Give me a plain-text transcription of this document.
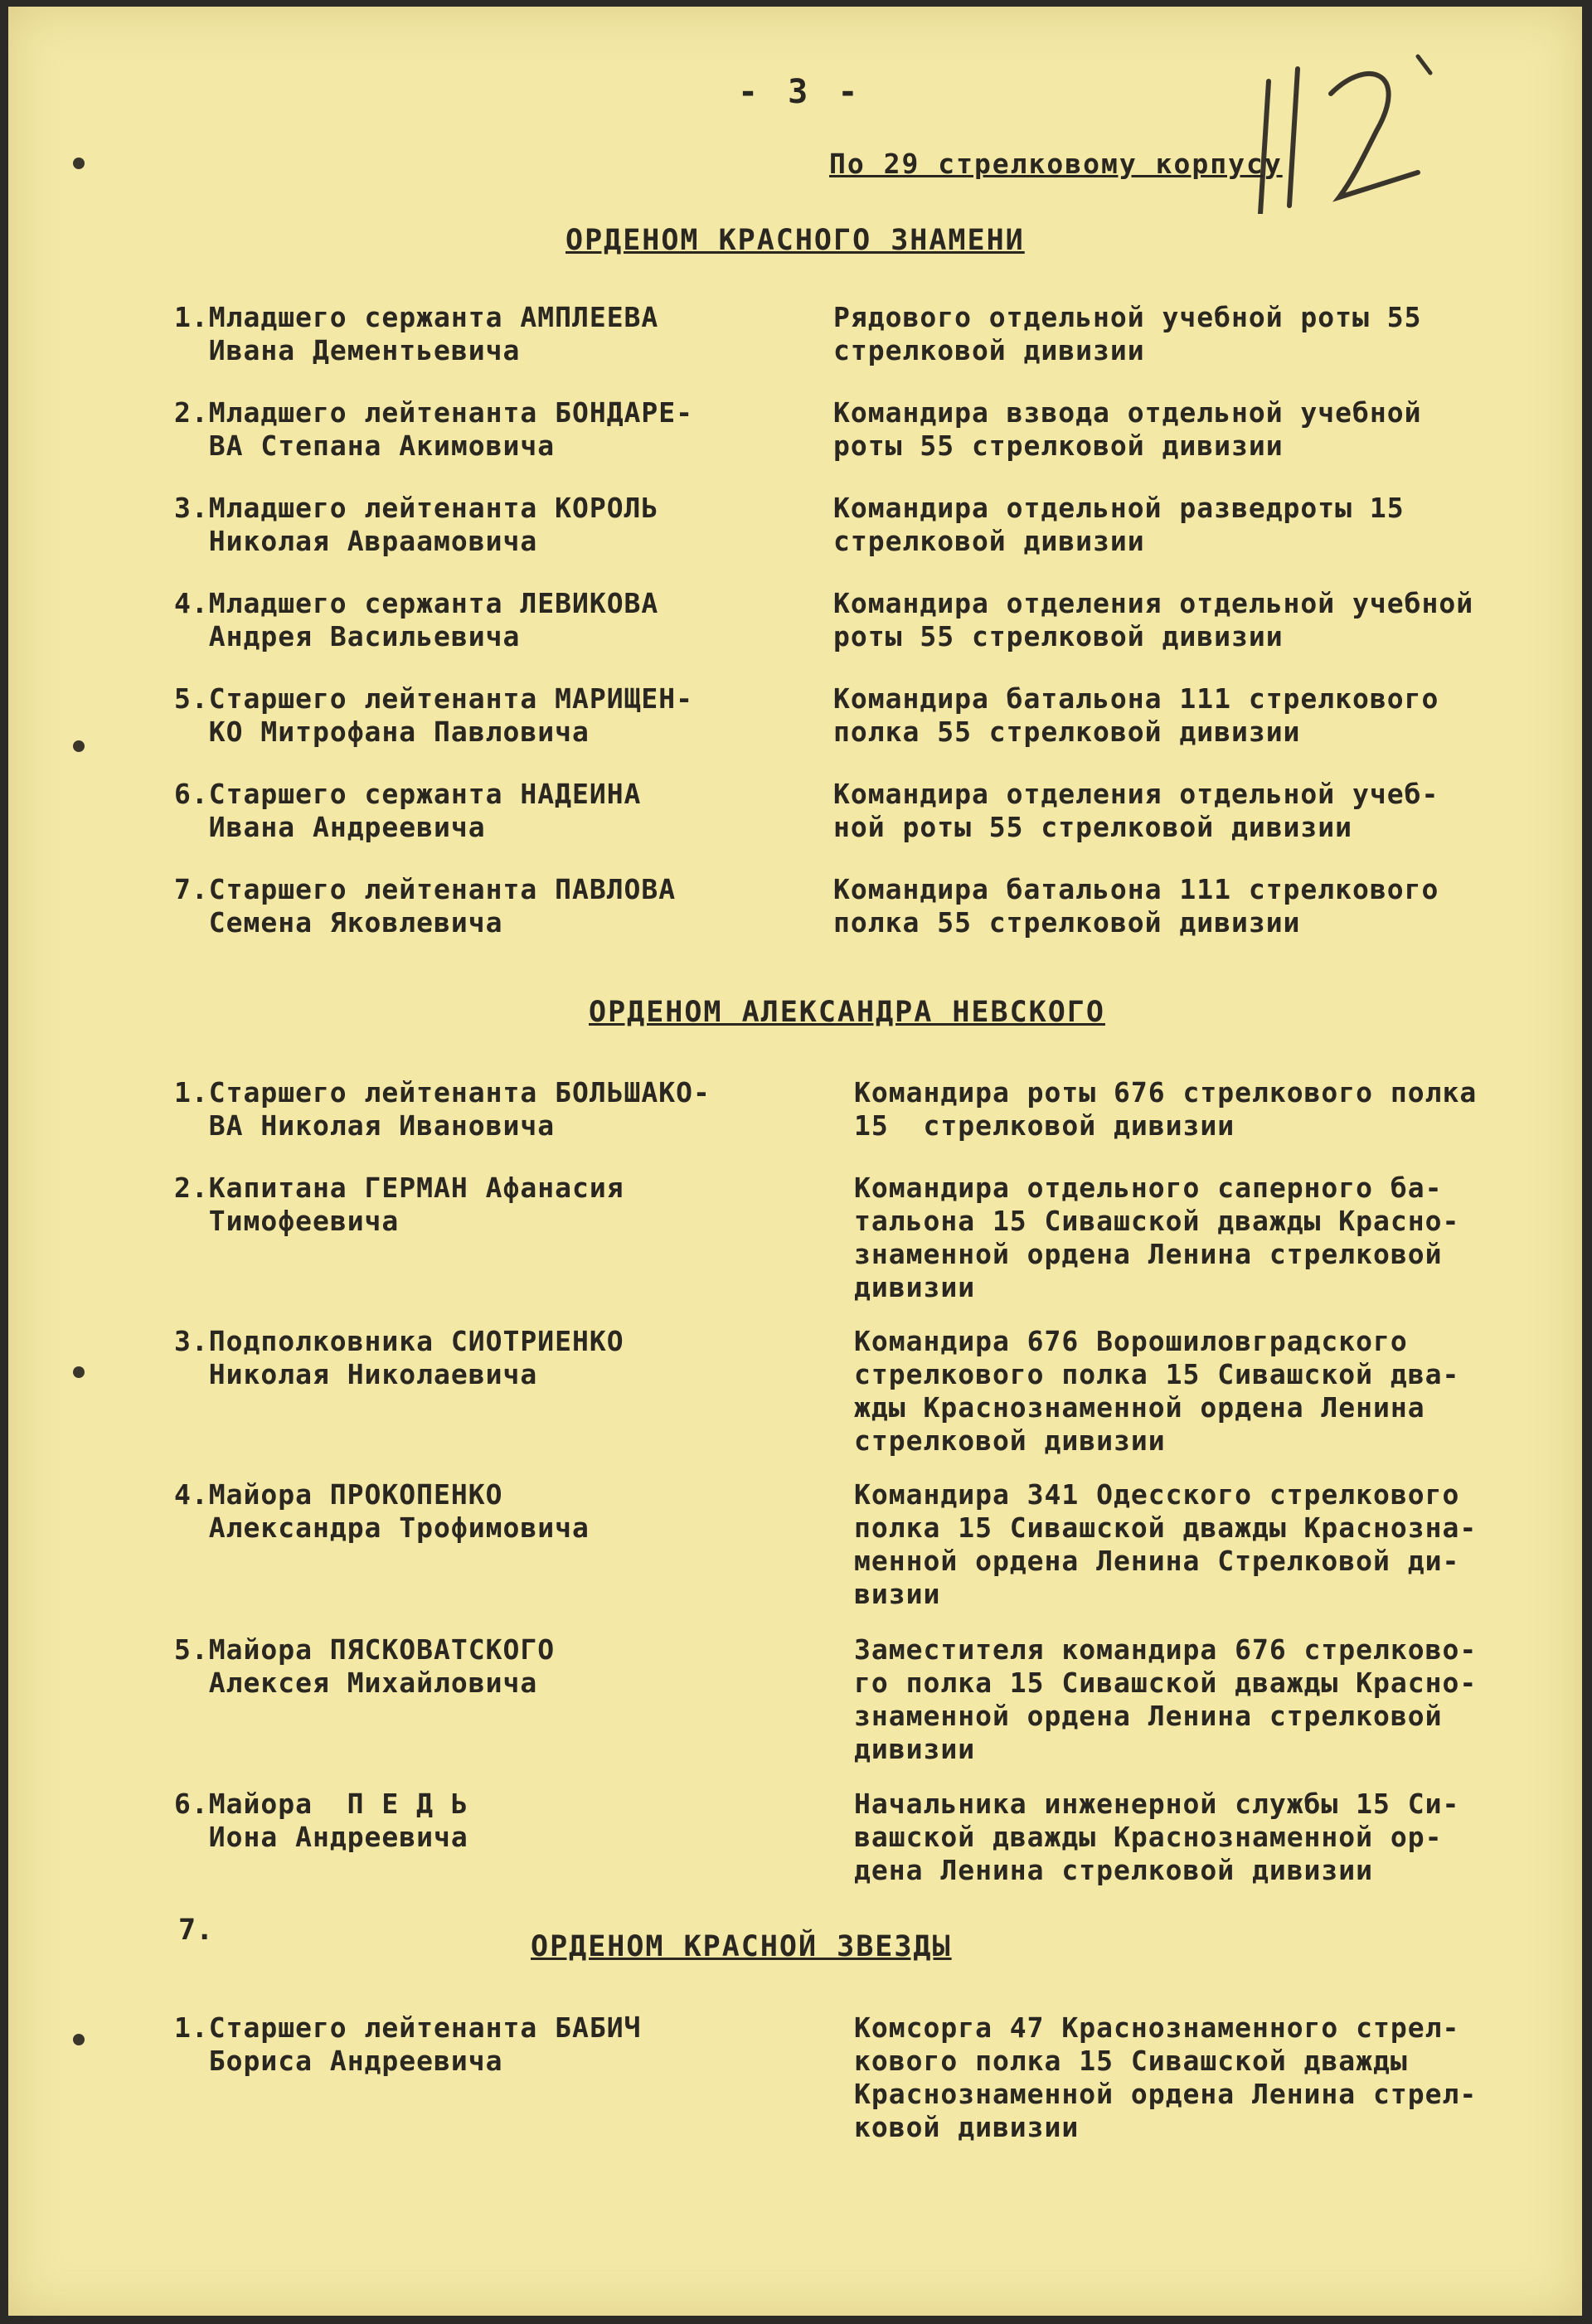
- 3 -
По 29 стрелковому корпусу
ОРДЕНОМ КРАСНОГО ЗНАМЕНИ
1.Младшего сержанта АМПЛЕЕВА
Ивана Дементьевича
Рядового отдельной учебной роты 55
стрелковой дивизии
2.Младшего лейтенанта БОНДАРЕ-
ВА Степана Акимовича
Командира взвода отдельной учебной
роты 55 стрелковой дивизии
3.Младшего лейтенанта КОРОЛЬ
Николая Авраамовича
Командира отдельной разведроты 15
стрелковой дивизии
4.Младшего сержанта ЛЕВИКОВА
Андрея Васильевича
Командира отделения отдельной учебной
роты 55 стрелковой дивизии
5.Старшего лейтенанта МАРИЩЕН-
КО Митрофана Павловича
Командира батальона 111 стрелкового
полка 55 стрелковой дивизии
6.Старшего сержанта НАДЕИНА
Ивана Андреевича
Командира отделения отдельной учеб-
ной роты 55 стрелковой дивизии
7.Старшего лейтенанта ПАВЛОВА
Семена Яковлевича
Командира батальона 111 стрелкового
полка 55 стрелковой дивизии
ОРДЕНОМ АЛЕКСАНДРА НЕВСКОГО
1.Старшего лейтенанта БОЛЬШАКО-
ВА Николая Ивановича
Командира роты 676 стрелкового полка
15  стрелковой дивизии
2.Капитана ГЕРМАН Афанасия
Тимофеевича
Командира отдельного саперного ба-
тальона 15 Сивашской дважды Красно-
знаменной ордена Ленина стрелковой
дивизии
3.Подполковника СИОТРИЕНКО
Николая Николаевича
Командира 676 Ворошиловградского
стрелкового полка 15 Сивашской два-
жды Краснознаменной ордена Ленина
стрелковой дивизии
4.Майора ПРОКОПЕНКО
Александра Трофимовича
Командира 341 Одесского стрелкового
полка 15 Сивашской дважды Краснозна-
менной ордена Ленина Стрелковой ди-
визии
5.Майора ПЯСКОВАТСКОГО
Алексея Михайловича
Заместителя командира 676 стрелково-
го полка 15 Сивашской дважды Красно-
знаменной ордена Ленина стрелковой
дивизии
6.Майора  П Е Д Ь
Иона Андреевича
Начальника инженерной службы 15 Си-
вашской дважды Краснознаменной ор-
дена Ленина стрелковой дивизии
7.	ОРДЕНОМ КРАСНОЙ ЗВЕЗДЫ
1.Старшего лейтенанта БАБИЧ
Бориса Андреевича
Комсорга 47 Краснознаменного стрел-
кового полка 15 Сивашской дважды
Краснознаменной ордена Ленина стрел-
ковой дивизии
